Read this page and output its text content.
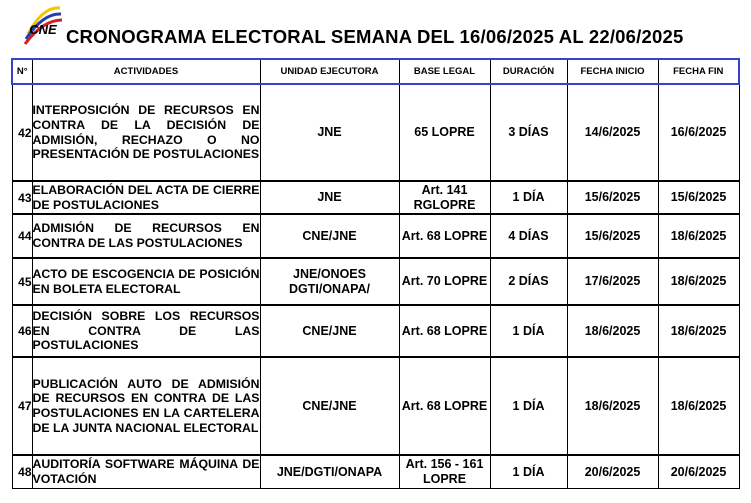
CNE CRONOGRAMA ELECTORAL SEMANA DEL 16/06/2025 AL 22/06/2025
N°	ACTIVIDADES	UNIDAD EJECUTORA	BASE LEGAL	DURACIÓN	FECHA INICIO	FECHA FIN
42	INTERPOSICIÓN DE RECURSOS EN CONTRA DE LA DECISIÓN DE ADMISIÓN, RECHAZO O NO PRESENTACIÓN DE POSTULACIONES	JNE	65 LOPRE	3 DÍAS	14/6/2025	16/6/2025
43	ELABORACIÓN DEL ACTA DE CIERRE DE POSTULACIONES	JNE	Art. 141 RGLOPRE	1 DÍA	15/6/2025	15/6/2025
44	ADMISIÓN DE RECURSOS EN CONTRA DE LAS POSTULACIONES	CNE/JNE	Art. 68 LOPRE	4 DÍAS	15/6/2025	18/6/2025
45	ACTO DE ESCOGENCIA DE POSICIÓN EN BOLETA ELECTORAL	JNE/ONOES DGTI/ONAPA/	Art. 70 LOPRE	2 DÍAS	17/6/2025	18/6/2025
46	DECISIÓN SOBRE LOS RECURSOS EN CONTRA DE LAS POSTULACIONES	CNE/JNE	Art. 68 LOPRE	1 DÍA	18/6/2025	18/6/2025
47	PUBLICACIÓN AUTO DE ADMISIÓN DE RECURSOS EN CONTRA DE LAS POSTULACIONES EN LA CARTELERA DE LA JUNTA NACIONAL ELECTORAL	CNE/JNE	Art. 68 LOPRE	1 DÍA	18/6/2025	18/6/2025
48	AUDITORÍA SOFTWARE MÁQUINA DE VOTACIÓN	JNE/DGTI/ONAPA	Art. 156 - 161 LOPRE	1 DÍA	20/6/2025	20/6/2025
